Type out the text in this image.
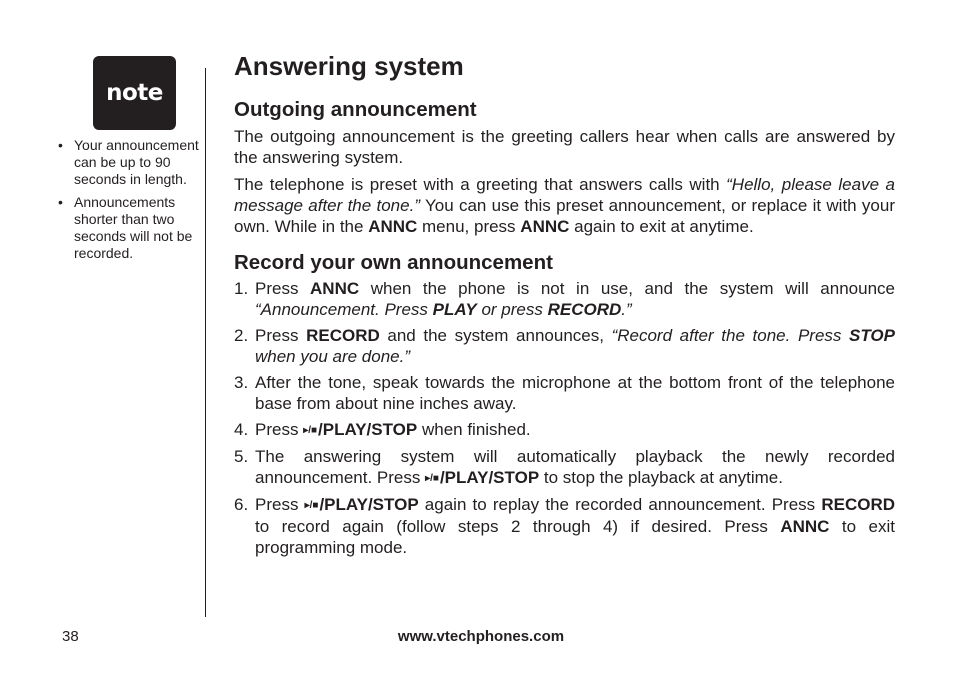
note
• Your announcement can be up to 90 seconds in length.
• Announcements shorter than two seconds will not be recorded.
Answering system
Outgoing announcement

The outgoing announcement is the greeting callers hear when calls are answered by the answering system.

The telephone is preset with a greeting that answers calls with “Hello, please leave a message after the tone.” You can use this preset announcement, or replace it with your own. While in the ANNC menu, press ANNC again to exit at anytime.

Record your own announcement
1. Press ANNC when the phone is not in use, and the system will announce “Announcement. Press PLAY or press RECORD.”
2. Press RECORD and the system announces, “Record after the tone. Press STOP when you are done.”
3. After the tone, speak towards the microphone at the bottom front of the telephone base from about nine inches away.
4. Press ▸/■/PLAY/STOP when finished.
5. The answering system will automatically playback the newly recorded announcement. Press ▸/■/PLAY/STOP to stop the playback at anytime.
6. Press ▸/■/PLAY/STOP again to replay the recorded announcement. Press RECORD to record again (follow steps 2 through 4) if desired. Press ANNC to exit programming mode.
38	www.vtechphones.com
